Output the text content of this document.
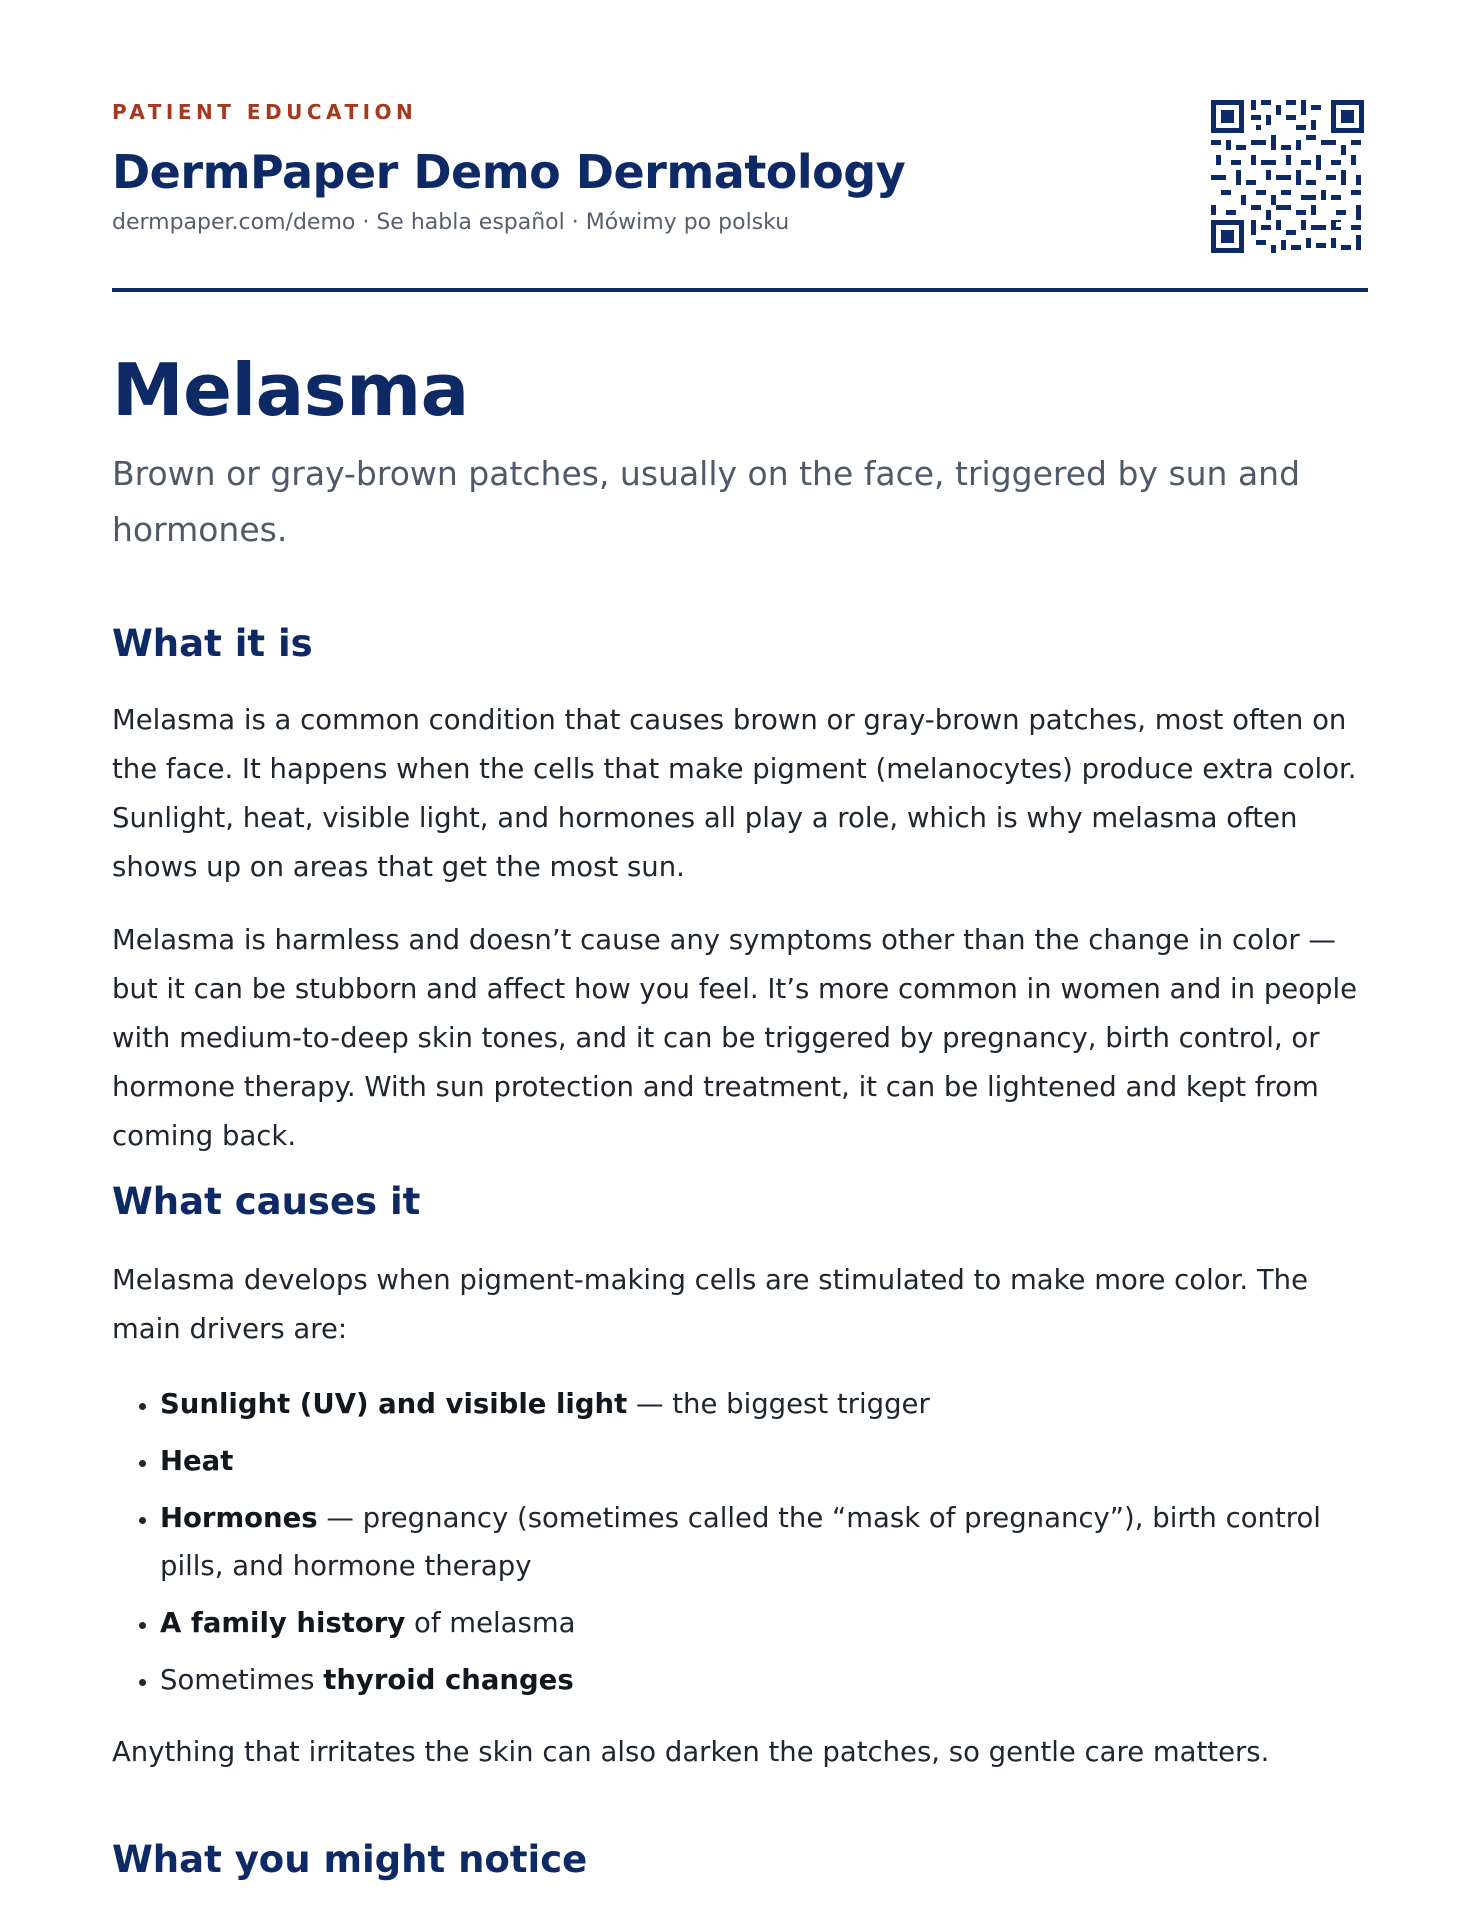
PATIENT EDUCATION
DermPaper Demo Dermatology
dermpaper.com/demo · Se habla español · Mówimy po polsku
Melasma

Brown or gray-brown patches, usually on the face, triggered by sun and hormones.

What it is

Melasma is a common condition that causes brown or gray-brown patches, most often on the face. It happens when the cells that make pigment (melanocytes) produce extra color. Sunlight, heat, visible light, and hormones all play a role, which is why melasma often shows up on areas that get the most sun.

Melasma is harmless and doesn’t cause any symptoms other than the change in color — but it can be stubborn and affect how you feel. It’s more common in women and in people with medium-to-deep skin tones, and it can be triggered by pregnancy, birth control, or hormone therapy. With sun protection and treatment, it can be lightened and kept from coming back.

What causes it

Melasma develops when pigment-making cells are stimulated to make more color. The main drivers are:

• Sunlight (UV) and visible light — the biggest trigger
• Heat
• Hormones — pregnancy (sometimes called the “mask of pregnancy”), birth control pills, and hormone therapy
• A family history of melasma
• Sometimes thyroid changes

Anything that irritates the skin can also darken the patches, so gentle care matters.

What you might notice
